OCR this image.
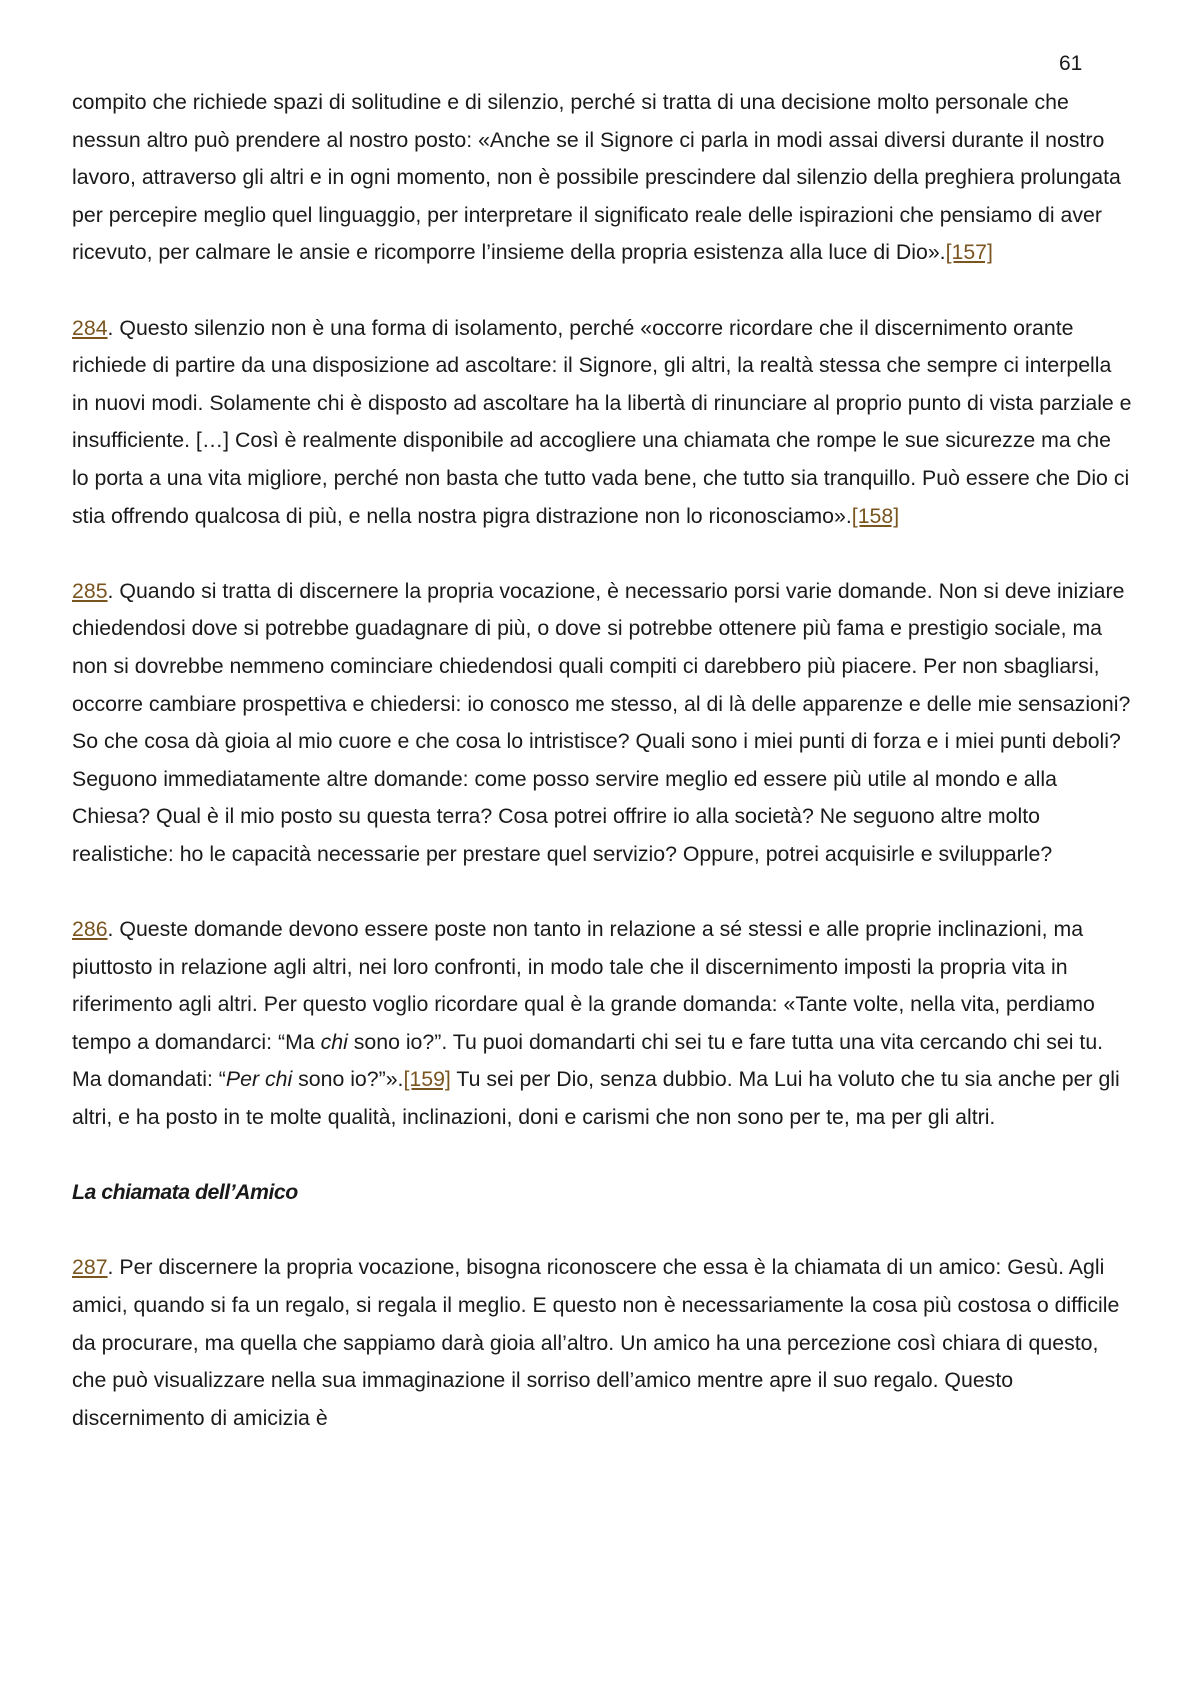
61

compito che richiede spazi di solitudine e di silenzio, perché si tratta di una decisione molto personale che nessun altro può prendere al nostro posto: «Anche se il Signore ci parla in modi assai diversi durante il nostro lavoro, attraverso gli altri e in ogni momento, non è possibile prescindere dal silenzio della preghiera prolungata per percepire meglio quel linguaggio, per interpretare il significato reale delle ispirazioni che pensiamo di aver ricevuto, per calmare le ansie e ricomporre l’insieme della propria esistenza alla luce di Dio».[157]

284. Questo silenzio non è una forma di isolamento, perché «occorre ricordare che il discernimento orante richiede di partire da una disposizione ad ascoltare: il Signore, gli altri, la realtà stessa che sempre ci interpella in nuovi modi. Solamente chi è disposto ad ascoltare ha la libertà di rinunciare al proprio punto di vista parziale e insufficiente. […] Così è realmente disponibile ad accogliere una chiamata che rompe le sue sicurezze ma che lo porta a una vita migliore, perché non basta che tutto vada bene, che tutto sia tranquillo. Può essere che Dio ci stia offrendo qualcosa di più, e nella nostra pigra distrazione non lo riconosciamo».[158]

285. Quando si tratta di discernere la propria vocazione, è necessario porsi varie domande. Non si deve iniziare chiedendosi dove si potrebbe guadagnare di più, o dove si potrebbe ottenere più fama e prestigio sociale, ma non si dovrebbe nemmeno cominciare chiedendosi quali compiti ci darebbero più piacere. Per non sbagliarsi, occorre cambiare prospettiva e chiedersi: io conosco me stesso, al di là delle apparenze e delle mie sensazioni? So che cosa dà gioia al mio cuore e che cosa lo intristisce? Quali sono i miei punti di forza e i miei punti deboli? Seguono immediatamente altre domande: come posso servire meglio ed essere più utile al mondo e alla Chiesa? Qual è il mio posto su questa terra? Cosa potrei offrire io alla società? Ne seguono altre molto realistiche: ho le capacità necessarie per prestare quel servizio? Oppure, potrei acquisirle e svilupparle?

286. Queste domande devono essere poste non tanto in relazione a sé stessi e alle proprie inclinazioni, ma piuttosto in relazione agli altri, nei loro confronti, in modo tale che il discernimento imposti la propria vita in riferimento agli altri. Per questo voglio ricordare qual è la grande domanda: «Tante volte, nella vita, perdiamo tempo a domandarci: “Ma chi sono io?”. Tu puoi domandarti chi sei tu e fare tutta una vita cercando chi sei tu. Ma domandati: “Per chi sono io?”».[159] Tu sei per Dio, senza dubbio. Ma Lui ha voluto che tu sia anche per gli altri, e ha posto in te molte qualità, inclinazioni, doni e carismi che non sono per te, ma per gli altri.

La chiamata dell’Amico

287. Per discernere la propria vocazione, bisogna riconoscere che essa è la chiamata di un amico: Gesù. Agli amici, quando si fa un regalo, si regala il meglio. E questo non è necessariamente la cosa più costosa o difficile da procurare, ma quella che sappiamo darà gioia all’altro. Un amico ha una percezione così chiara di questo, che può visualizzare nella sua immaginazione il sorriso dell’amico mentre apre il suo regalo. Questo discernimento di amicizia è
